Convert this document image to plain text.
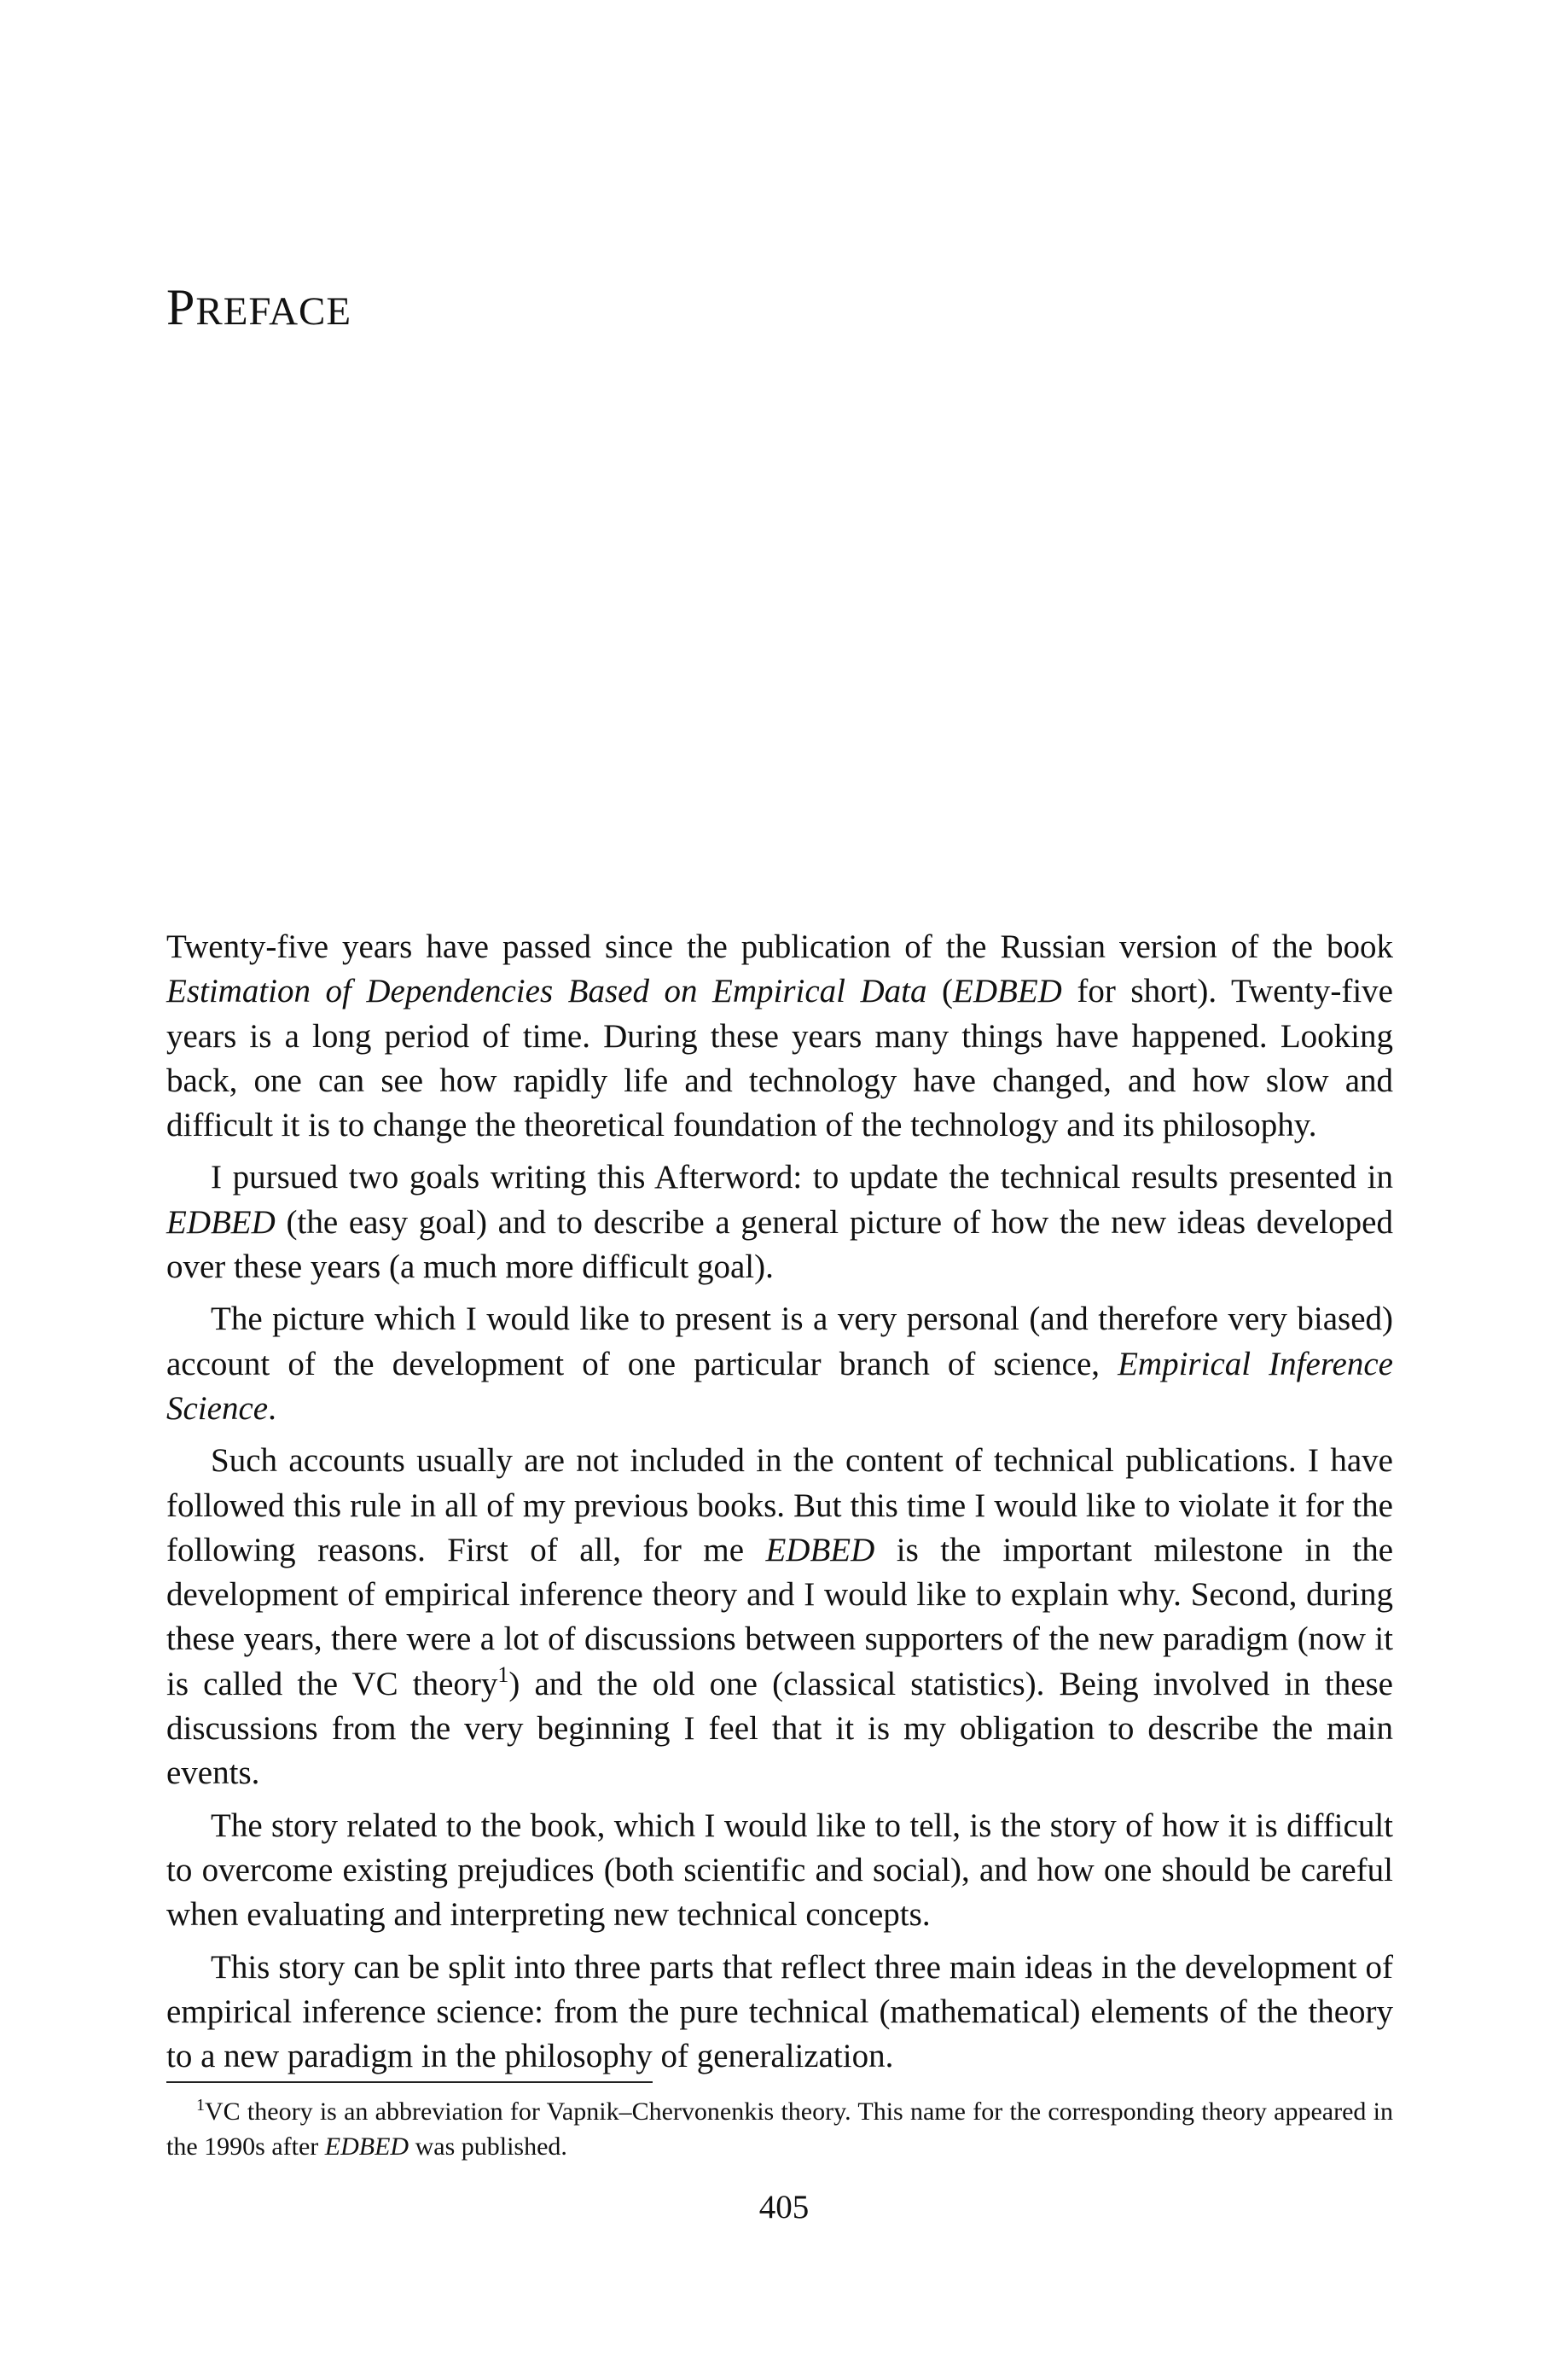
PREFACE

Twenty-five years have passed since the publication of the Russian version of the book Estimation of Dependencies Based on Empirical Data (EDBED for short). Twenty-five years is a long period of time. During these years many things have happened. Looking back, one can see how rapidly life and technology have changed, and how slow and difficult it is to change the theoretical foundation of the technology and its philosophy.

I pursued two goals writing this Afterword: to update the technical results presented in EDBED (the easy goal) and to describe a general picture of how the new ideas developed over these years (a much more difficult goal).

The picture which I would like to present is a very personal (and therefore very biased) account of the development of one particular branch of science, Empirical Inference Science.

Such accounts usually are not included in the content of technical publications. I have followed this rule in all of my previous books. But this time I would like to violate it for the following reasons. First of all, for me EDBED is the important milestone in the development of empirical inference theory and I would like to explain why. Second, during these years, there were a lot of discussions between supporters of the new paradigm (now it is called the VC theory$^1$) and the old one (classical statistics). Being involved in these discussions from the very beginning I feel that it is my obligation to describe the main events.

The story related to the book, which I would like to tell, is the story of how it is difficult to overcome existing prejudices (both scientific and social), and how one should be careful when evaluating and interpreting new technical concepts.

This story can be split into three parts that reflect three main ideas in the development of empirical inference science: from the pure technical (mathematical) elements of the theory to a new paradigm in the philosophy of generalization.

$^1$VC theory is an abbreviation for Vapnik–Chervonenkis theory. This name for the corresponding theory appeared in the 1990s after EDBED was published.
405
